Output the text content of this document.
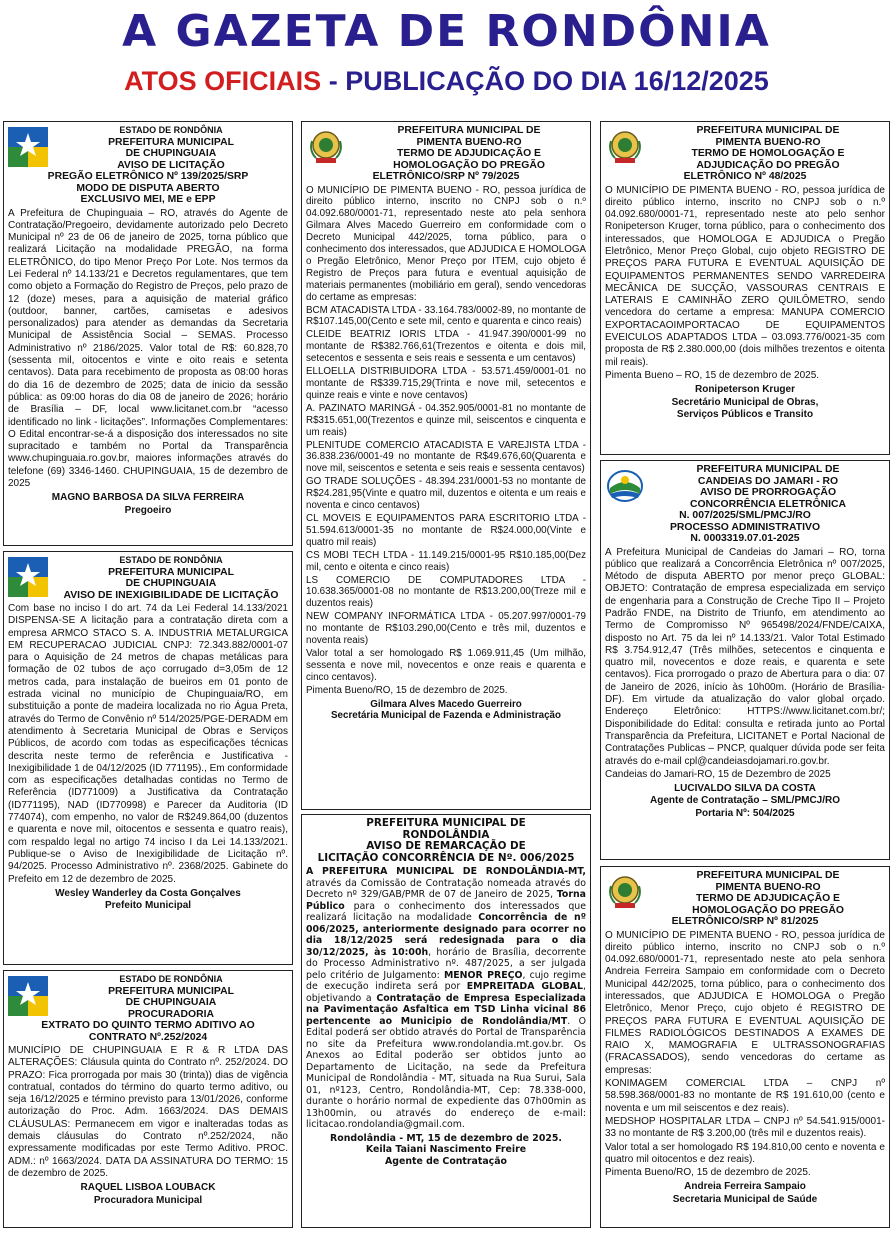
A GAZETA DE RONDÔNIA
ATOS OFICIAIS - PUBLICAÇÃO DO DIA 16/12/2025
ESTADO DE RONDÔNIA
PREFEITURA MUNICIPAL
DE CHUPINGUAIA
AVISO DE LICITAÇÃO
PREGÃO ELETRÔNICO Nº 139/2025/SRP
MODO DE DISPUTA ABERTO
EXCLUSIVO MEI, ME e EPP
A Prefeitura de Chupinguaia – RO, através do Agente de Contratação/Pregoeiro, devidamente autorizado pelo Decreto Municipal nº 23 de 06 de janeiro de 2025, torna público que realizará Licitação na modalidade PREGÃO, na forma ELETRÔNICO, do tipo Menor Preço Por Lote. Nos termos da Lei Federal nº 14.133/21 e Decretos regulamentares, que tem como objeto a Formação do Registro de Preços, pelo prazo de 12 (doze) meses, para a aquisição de material gráfico (outdoor, banner, cartões, camisetas e adesivos personalizados) para atender as demandas da Secretaria Municipal de Assistência Social – SEMAS. Processo Administrativo nº 2186/2025. Valor total de R$: 60.828,70 (sessenta mil, oitocentos e vinte e oito reais e setenta centavos). Data para recebimento de proposta as 08:00 horas do dia 16 de dezembro de 2025; data de inicio da sessão pública: as 09:00 horas do dia 08 de janeiro de 2026; horário de Brasília – DF, local www.licitanet.com.br “acesso identificado no link - licitações”. Informações Complementares: O Edital encontrar-se-á a disposição dos interessados no site supracitado e também no Portal da Transparência www.chupinguaia.ro.gov.br, maiores informações através do telefone (69) 3346-1460. CHUPINGUAIA, 15 de dezembro de 2025
MAGNO BARBOSA DA SILVA FERREIRA
Pregoeiro
ESTADO DE RONDÔNIA
PREFEITURA MUNICIPAL
DE CHUPINGUAIA
AVISO DE INEXIGIBILIDADE DE LICITAÇÃO
Com base no inciso I do art. 74 da Lei Federal 14.133/2021 DISPENSA-SE A licitação para a contratação direta com a empresa ARMCO STACO S. A. INDUSTRIA METALURGICA EM RECUPERACAO JUDICIAL CNPJ: 72.343.882/0001-07 para o Aquisição de 24 metros de chapas metálicas para formação de 02 tubos de aço corrugado d=3,05m de 12 metros cada, para instalação de bueiros em 01 ponto de estrada vicinal no município de Chupinguaia/RO, em substituição a ponte de madeira localizada no rio Água Preta, através do Termo de Convênio nº 514/2025/PGE-DERADM em atendimento à Secretaria Municipal de Obras e Serviços Públicos, de acordo com todas as especificações técnicas descrita neste termo de referência e Justificativa - Inexigibilidade 1 de 04/12/2025 (ID 771195)., Em conformidade com as especificações detalhadas contidas no Termo de Referência (ID771009) a Justificativa da Contratação (ID771195), NAD (ID770998) e Parecer da Auditoria (ID 774074), com empenho, no valor de R$249.864,00 (duzentos e quarenta e nove mil, oitocentos e sessenta e quatro reais), com respaldo legal no artigo 74 inciso I da Lei 14.133/2021. Publique-se o Aviso de Inexigibilidade de Licitação nº. 94/2025. Processo Administrativo nº. 2368/2025. Gabinete do Prefeito em 12 de dezembro de 2025.
Wesley Wanderley da Costa Gonçalves
Prefeito Municipal
ESTADO DE RONDÔNIA
PREFEITURA MUNICIPAL
DE CHUPINGUAIA
PROCURADORIA
EXTRATO DO QUINTO TERMO ADITIVO AO
CONTRATO Nº.252/2024
MUNICÍPIO DE CHUPINGUAIA E R & R LTDA DAS ALTERAÇÕES: Cláusula quinta do Contrato nº. 252/2024. DO PRAZO: Fica prorrogada por mais 30 (trinta)) dias de vigência contratual, contados do término do quarto termo aditivo, ou seja 16/12/2025 e término previsto para 13/01/2026, conforme autorização do Proc. Adm. 1663/2024. DAS DEMAIS CLÁUSULAS: Permanecem em vigor e inalteradas todas as demais cláusulas do Contrato nº.252/2024, não expressamente modificadas por este Termo Aditivo. PROC. ADM.: nº 1663/2024. DATA DA ASSINATURA DO TERMO: 15 de dezembro de 2025.
RAQUEL LISBOA LOUBACK
Procuradora Municipal
PREFEITURA MUNICIPAL DE
PIMENTA BUENO-RO
TERMO DE ADJUDICAÇÃO E
HOMOLOGAÇÃO DO PREGÃO
ELETRÔNICO/SRP Nº 79/2025

O MUNICÍPIO DE PIMENTA BUENO - RO, pessoa jurídica de direito público interno, inscrito no CNPJ sob o n.º 04.092.680/0001-71, representado neste ato pela senhora Gilmara Alves Macedo Guerreiro em conformidade com o Decreto Municipal 442/2025, torna público, para o conhecimento dos interessados, que ADJUDICA E HOMOLOGA o Pregão Eletrônico, Menor Preço por ITEM, cujo objeto é Registro de Preços para futura e eventual aquisição de materiais permanentes (mobiliário em geral), sendo vencedoras do certame as empresas:

BCM ATACADISTA LTDA - 33.164.783/0002-89, no montante de R$107.145,00(Cento e sete mil, cento e quarenta e cinco reais)

CLEIDE BEATRIZ IORIS LTDA - 41.947.390/0001-99 no montante de R$382.766,61(Trezentos e oitenta e dois mil, setecentos e sessenta e seis reais e sessenta e um centavos)

ELLOELLA DISTRIBUIDORA LTDA - 53.571.459/0001-01 no montante de R$339.715,29(Trinta e nove mil, setecentos e quinze reais e vinte e nove centavos)

A. PAZINATO MARINGÁ - 04.352.905/0001-81 no montante de R$315.651,00(Trezentos e quinze mil, seiscentos e cinquenta e um reais)

PLENITUDE COMERCIO ATACADISTA E VAREJISTA LTDA - 36.838.236/0001-49 no montante de R$49.676,60(Quarenta e nove mil, seiscentos e setenta e seis reais e sessenta centavos)

GO TRADE SOLUÇÕES - 48.394.231/0001-53 no montante de R$24.281,95(Vinte e quatro mil, duzentos e oitenta e um reais e noventa e cinco centavos)

CL MOVEIS E EQUIPAMENTOS PARA ESCRITORIO LTDA - 51.594.613/0001-35 no montante de R$24.000,00(Vinte e quatro mil reais)

CS MOBI TECH LTDA - 11.149.215/0001-95 R$10.185,00(Dez mil, cento e oitenta e cinco reais)

LS COMERCIO DE COMPUTADORES LTDA - 10.638.365/0001-08 no montante de R$13.200,00(Treze mil e duzentos reais)

NEW COMPANY INFORMÁTICA LTDA - 05.207.997/0001-79 no montante de R$103.290,00(Cento e três mil, duzentos e noventa reais)

Valor total a ser homologado R$ 1.069.911,45 (Um milhão, sessenta e nove mil, novecentos e onze reais e quarenta e cinco centavos).

Pimenta Bueno/RO, 15 de dezembro de 2025.

Gilmara Alves Macedo Guerreiro
Secretária Municipal de Fazenda e Administração
PREFEITURA MUNICIPAL DE
RONDOLÂNDIA
AVISO DE REMARCAÇÃO DE
LICITAÇÃO CONCORRÊNCIA DE Nº. 006/2025
A PREFEITURA MUNICIPAL DE RONDOLÂNDIA-MT, através da Comissão de Contratação nomeada através do Decreto nº 329/GAB/PMR de 07 de Janeiro de 2025, Torna Público para o conhecimento dos interessados que realizará licitação na modalidade Concorrência de nº 006/2025, anteriormente designado para ocorrer no dia 18/12/2025 será redesignada para o dia 30/12/2025, às 10:00h, horário de Brasília, decorrente do Processo Administrativo nº. 487/2025, a ser julgada pelo critério de Julgamento: MENOR PREÇO, cujo regime de execução indireta será por EMPREITADA GLOBAL, objetivando a Contratação de Empresa Especializada na Pavimentação Asfaltica em TSD Linha vicinal 86 pertencente ao Municipio de Rondolândia/MT. O Edital poderá ser obtido através do Portal de Transparência no site da Prefeitura www.rondolandia.mt.gov.br. Os Anexos ao Edital poderão ser obtidos junto ao Departamento de Licitação, na sede da Prefeitura Municipal de Rondolândia - MT, situada na Rua Surui, Sala 01, nº123, Centro, Rondolândia-MT, Cep: 78.338-000, durante o horário normal de expediente das 07h00min as 13h00min, ou através do endereço de e-mail: licitacao.rondolandia@gmail.com.
Rondolândia - MT, 15 de dezembro de 2025.
Keila Taiani Nascimento Freire
Agente de Contratação
PREFEITURA MUNICIPAL DE
PIMENTA BUENO-RO
TERMO DE HOMOLOGAÇÃO E
ADJUDICAÇÃO DO PREGÃO
ELETRÔNICO Nº 48/2025

O MUNICÍPIO DE PIMENTA BUENO - RO, pessoa jurídica de direito público interno, inscrito no CNPJ sob o n.º 04.092.680/0001-71, representado neste ato pelo senhor Ronipeterson Kruger, torna público, para o conhecimento dos interessados, que HOMOLOGA E ADJUDICA o Pregão Eletrônico, Menor Preço Global, cujo objeto REGISTRO DE PREÇOS PARA FUTURA E EVENTUAL AQUISIÇÃO DE EQUIPAMENTOS PERMANENTES SENDO VARREDEIRA MECÂNICA DE SUCÇÃO, VASSOURAS CENTRAIS E LATERAIS E CAMINHÃO ZERO QUILÔMETRO, sendo vencedora do certame a empresa: MANUPA COMERCIO EXPORTACAOIMPORTACAO DE EQUIPAMENTOS EVEICULOS ADAPTADOS LTDA – 03.093.776/0021-35 com proposta de R$ 2.380.000,00 (dois milhões trezentos e oitenta mil reais).

Pimenta Bueno – RO, 15 de dezembro de 2025.

Ronipeterson Kruger
Secretário Municipal de Obras,
Serviços Públicos e Transito
PREFEITURA MUNICIPAL DE
CANDEIAS DO JAMARI - RO
AVISO DE PRORROGAÇÃO
CONCORRÊNCIA ELETRÔNICA
N. 007/2025/SML/PMCJ/RO
PROCESSO ADMINISTRATIVO
N. 0003319.07.01-2025

A Prefeitura Municipal de Candeias do Jamari – RO, torna público que realizará a Concorrência Eletrônica nº 007/2025, Método de disputa ABERTO por menor preço GLOBAL: OBJETO: Contratação de empresa especializada em serviço de engenharia para a Construção de Creche Tipo II – Projeto Padrão FNDE, na Distrito de Triunfo, em atendimento ao Termo de Compromisso Nº 965498/2024/FNDE/CAIXA, disposto no Art. 75 da lei nº 14.133/21. Valor Total Estimado R$ 3.754.912,47 (Três milhões, setecentos e cinquenta e quatro mil, novecentos e doze reais, e quarenta e sete centavos). Fica prorrogado o prazo de Abertura para o dia: 07 de Janeiro de 2026, início às 10h00m. (Horário de Brasília-DF). Em virtude da atualização do valor global orçado. Endereço Eletrônico: HTTPS://www.licitanet.com.br/; Disponibilidade do Edital: consulta e retirada junto ao Portal Transparência da Prefeitura, LICITANET e Portal Nacional de Contratações Publicas – PNCP, qualquer dúvida pode ser feita através do e-mail cpl@candeiasdojamari.ro.gov.br.

Candeias do Jamari-RO, 15 de Dezembro de 2025

LUCIVALDO SILVA DA COSTA
Agente de Contratação – SML/PMCJ/RO
Portaria Nº: 504/2025
PREFEITURA MUNICIPAL DE
PIMENTA BUENO-RO
TERMO DE ADJUDICAÇÃO E
HOMOLOGAÇÃO DO PREGÃO
ELETRÔNICO/SRP Nº 81/2025

O MUNICÍPIO DE PIMENTA BUENO - RO, pessoa jurídica de direito público interno, inscrito no CNPJ sob o n.º 04.092.680/0001-71, representado neste ato pela senhora Andreia Ferreira Sampaio em conformidade com o Decreto Municipal 442/2025, torna público, para o conhecimento dos interessados, que ADJUDICA E HOMOLOGA o Pregão Eletrônico, Menor Preço, cujo objeto é REGISTRO DE PREÇOS PARA FUTURA E EVENTUAL AQUISIÇÃO DE FILMES RADIOLÓGICOS DESTINADOS A EXAMES DE RAIO X, MAMOGRAFIA E ULTRASSONOGRAFIAS (FRACASSADOS), sendo vencedoras do certame as empresas:

KONIMAGEM COMERCIAL LTDA – CNPJ nº 58.598.368/0001-83 no montante de R$ 191.610,00 (cento e noventa e um mil seiscentos e dez reais).

MEDSHOP HOSPITALAR LTDA – CNPJ nº 54.541.915/0001-33 no montante de R$ 3.200,00 (três mil e duzentos reais).

Valor total a ser homologado R$ 194.810,00 cento e noventa e quatro mil oitocentos e dez reais).

Pimenta Bueno/RO, 15 de dezembro de 2025.

Andreia Ferreira Sampaio
Secretaria Municipal de Saúde
